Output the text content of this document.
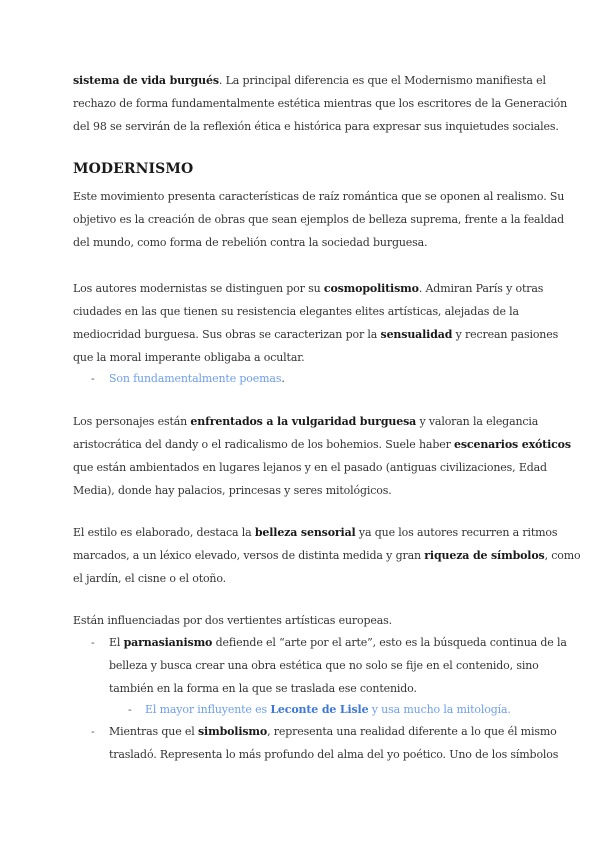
sistema de vida burgués. La principal diferencia es que el Modernismo manifiesta el
rechazo de forma fundamentalmente estética mientras que los escritores de la Generación
del 98 se servirán de la reflexión ética e histórica para expresar sus inquietudes sociales.
MODERNISMO
Este movimiento presenta características de raíz romántica que se oponen al realismo. Su
objetivo es la creación de obras que sean ejemplos de belleza suprema, frente a la fealdad
del mundo, como forma de rebelión contra la sociedad burguesa.
Los autores modernistas se distinguen por su cosmopolitismo. Admiran París y otras
ciudades en las que tienen su resistencia elegantes elites artísticas, alejadas de la
mediocridad burguesa. Sus obras se caracterizan por la sensualidad y recrean pasiones
que la moral imperante obligaba a ocultar.
- Son fundamentalmente poemas.
Los personajes están enfrentados a la vulgaridad burguesa y valoran la elegancia
aristocrática del dandy o el radicalismo de los bohemios. Suele haber escenarios exóticos
que están ambientados en lugares lejanos y en el pasado (antiguas civilizaciones, Edad
Media), donde hay palacios, princesas y seres mitológicos.
El estilo es elaborado, destaca la belleza sensorial ya que los autores recurren a ritmos
marcados, a un léxico elevado, versos de distinta medida y gran riqueza de símbolos, como
el jardín, el cisne o el otoño.
Están influenciadas por dos vertientes artísticas europeas.
- El parnasianismo defiende el “arte por el arte”, esto es la búsqueda continua de la
belleza y busca crear una obra estética que no solo se fije en el contenido, sino
también en la forma en la que se traslada ese contenido.
- El mayor influyente es Leconte de Lisle y usa mucho la mitología.
- Mientras que el simbolismo, representa una realidad diferente a lo que él mismo
trasladó. Representa lo más profundo del alma del yo poético. Uno de los símbolos
